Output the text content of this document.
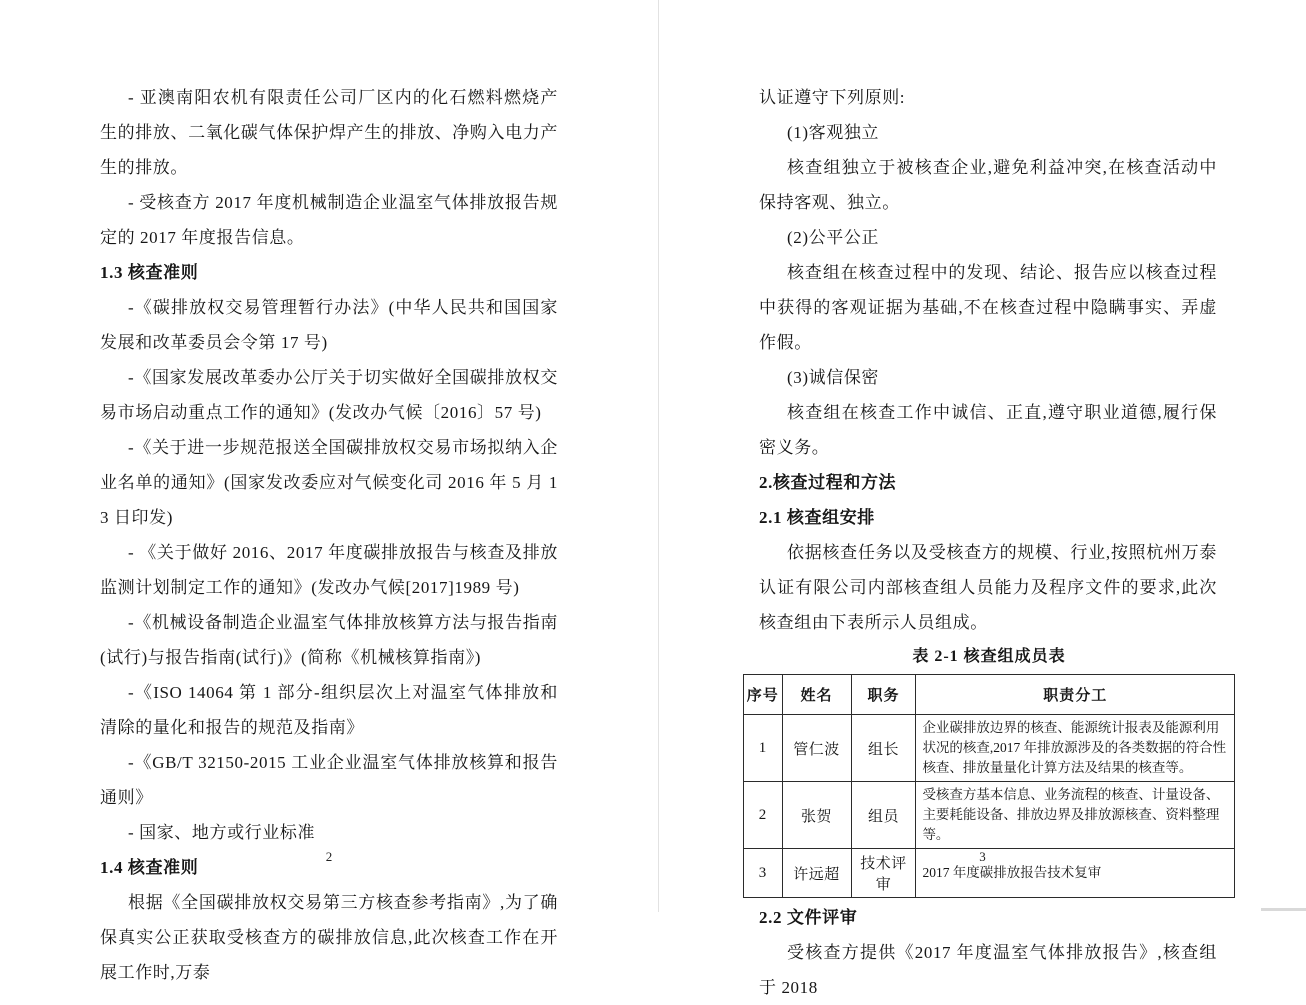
- 亚澳南阳农机有限责任公司厂区内的化石燃料燃烧产生的排放、二氧化碳气体保护焊产生的排放、净购入电力产生的排放。

- 受核查方 2017 年度机械制造企业温室气体排放报告规定的 2017 年度报告信息。

1.3 核查准则

-《碳排放权交易管理暂行办法》(中华人民共和国国家发展和改革委员会令第 17 号)

-《国家发展改革委办公厅关于切实做好全国碳排放权交易市场启动重点工作的通知》(发改办气候〔2016〕57 号)

-《关于进一步规范报送全国碳排放权交易市场拟纳入企业名单的通知》(国家发改委应对气候变化司 2016 年 5 月 13 日印发)

- 《关于做好 2016、2017 年度碳排放报告与核查及排放监测计划制定工作的通知》(发改办气候[2017]1989 号)

-《机械设备制造企业温室气体排放核算方法与报告指南(试行)与报告指南(试行)》(简称《机械核算指南》)

-《ISO 14064 第 1 部分-组织层次上对温室气体排放和清除的量化和报告的规范及指南》

-《GB/T 32150-2015 工业企业温室气体排放核算和报告通则》

- 国家、地方或行业标准

1.4 核查准则

根据《全国碳排放权交易第三方核查参考指南》,为了确保真实公正获取受核查方的碳排放信息,此次核查工作在开展工作时,万泰

2

认证遵守下列原则:

(1)客观独立

核查组独立于被核查企业,避免利益冲突,在核查活动中保持客观、独立。

(2)公平公正

核查组在核查过程中的发现、结论、报告应以核查过程中获得的客观证据为基础,不在核查过程中隐瞒事实、弄虚作假。

(3)诚信保密

核查组在核查工作中诚信、正直,遵守职业道德,履行保密义务。

2.核查过程和方法

2.1 核查组安排

依据核查任务以及受核查方的规模、行业,按照杭州万泰认证有限公司内部核查组人员能力及程序文件的要求,此次核查组由下表所示人员组成。

表 2-1 核查组成员表
序号	姓名	职务	职责分工
1	管仁波	组长	企业碳排放边界的核查、能源统计报表及能源利用状况的核查,2017 年排放源涉及的各类数据的符合性核查、排放量量化计算方法及结果的核查等。
2	张贺	组员	受核查方基本信息、业务流程的核查、计量设备、主要耗能设备、排放边界及排放源核查、资料整理等。
3	许远超	技术评审	2017 年度碳排放报告技术复审

2.2 文件评审

受核查方提供《2017 年度温室气体排放报告》,核查组于 2018

3
